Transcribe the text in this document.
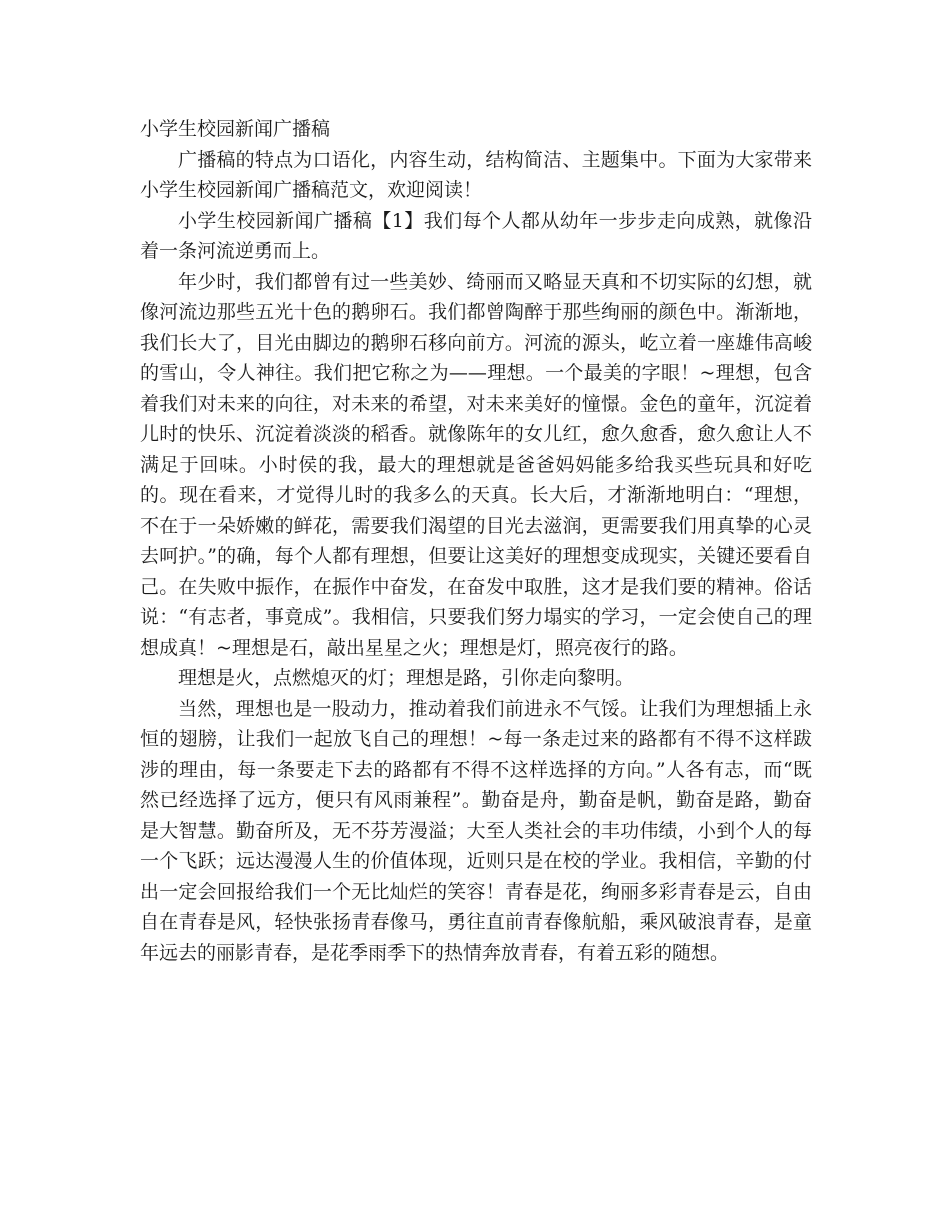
小学生校园新闻广播稿

广播稿的特点为口语化，内容生动，结构简洁、主题集中。下面为大家带来小学生校园新闻广播稿范文，欢迎阅读！

小学生校园新闻广播稿【1】我们每个人都从幼年一步步走向成熟，就像沿着一条河流逆勇而上。

年少时，我们都曾有过一些美妙、绮丽而又略显天真和不切实际的幻想，就像河流边那些五光十色的鹅卵石。我们都曾陶醉于那些绚丽的颜色中。渐渐地，我们长大了，目光由脚边的鹅卵石移向前方。河流的源头，屹立着一座雄伟高峻的雪山，令人神往。我们把它称之为——理想。一个最美的字眼！~理想，包含着我们对未来的向往，对未来的希望，对未来美好的憧憬。金色的童年，沉淀着儿时的快乐、沉淀着淡淡的稻香。就像陈年的女儿红，愈久愈香，愈久愈让人不满足于回味。小时侯的我，最大的理想就是爸爸妈妈能多给我买些玩具和好吃的。现在看来，才觉得儿时的我多么的天真。长大后，才渐渐地明白：“理想，不在于一朵娇嫩的鲜花，需要我们渴望的目光去滋润，更需要我们用真挚的心灵去呵护。”的确，每个人都有理想，但要让这美好的理想变成现实，关键还要看自己。在失败中振作，在振作中奋发，在奋发中取胜，这才是我们要的精神。俗话说：“有志者，事竟成”。我相信，只要我们努力塌实的学习，一定会使自己的理想成真！~理想是石，敲出星星之火；理想是灯，照亮夜行的路。

理想是火，点燃熄灭的灯；理想是路，引你走向黎明。

当然，理想也是一股动力，推动着我们前进永不气馁。让我们为理想插上永恒的翅膀，让我们一起放飞自己的理想！~每一条走过来的路都有不得不这样跋涉的理由，每一条要走下去的路都有不得不这样选择的方向。”人各有志，而“既然已经选择了远方，便只有风雨兼程”。勤奋是舟，勤奋是帆，勤奋是路，勤奋是大智慧。勤奋所及，无不芬芳漫溢；大至人类社会的丰功伟绩，小到个人的每一个飞跃；远达漫漫人生的价值体现，近则只是在校的学业。我相信，辛勤的付出一定会回报给我们一个无比灿烂的笑容！青春是花，绚丽多彩青春是云，自由自在青春是风，轻快张扬青春像马，勇往直前青春像航船，乘风破浪青春，是童年远去的丽影青春，是花季雨季下的热情奔放青春，有着五彩的随想。
